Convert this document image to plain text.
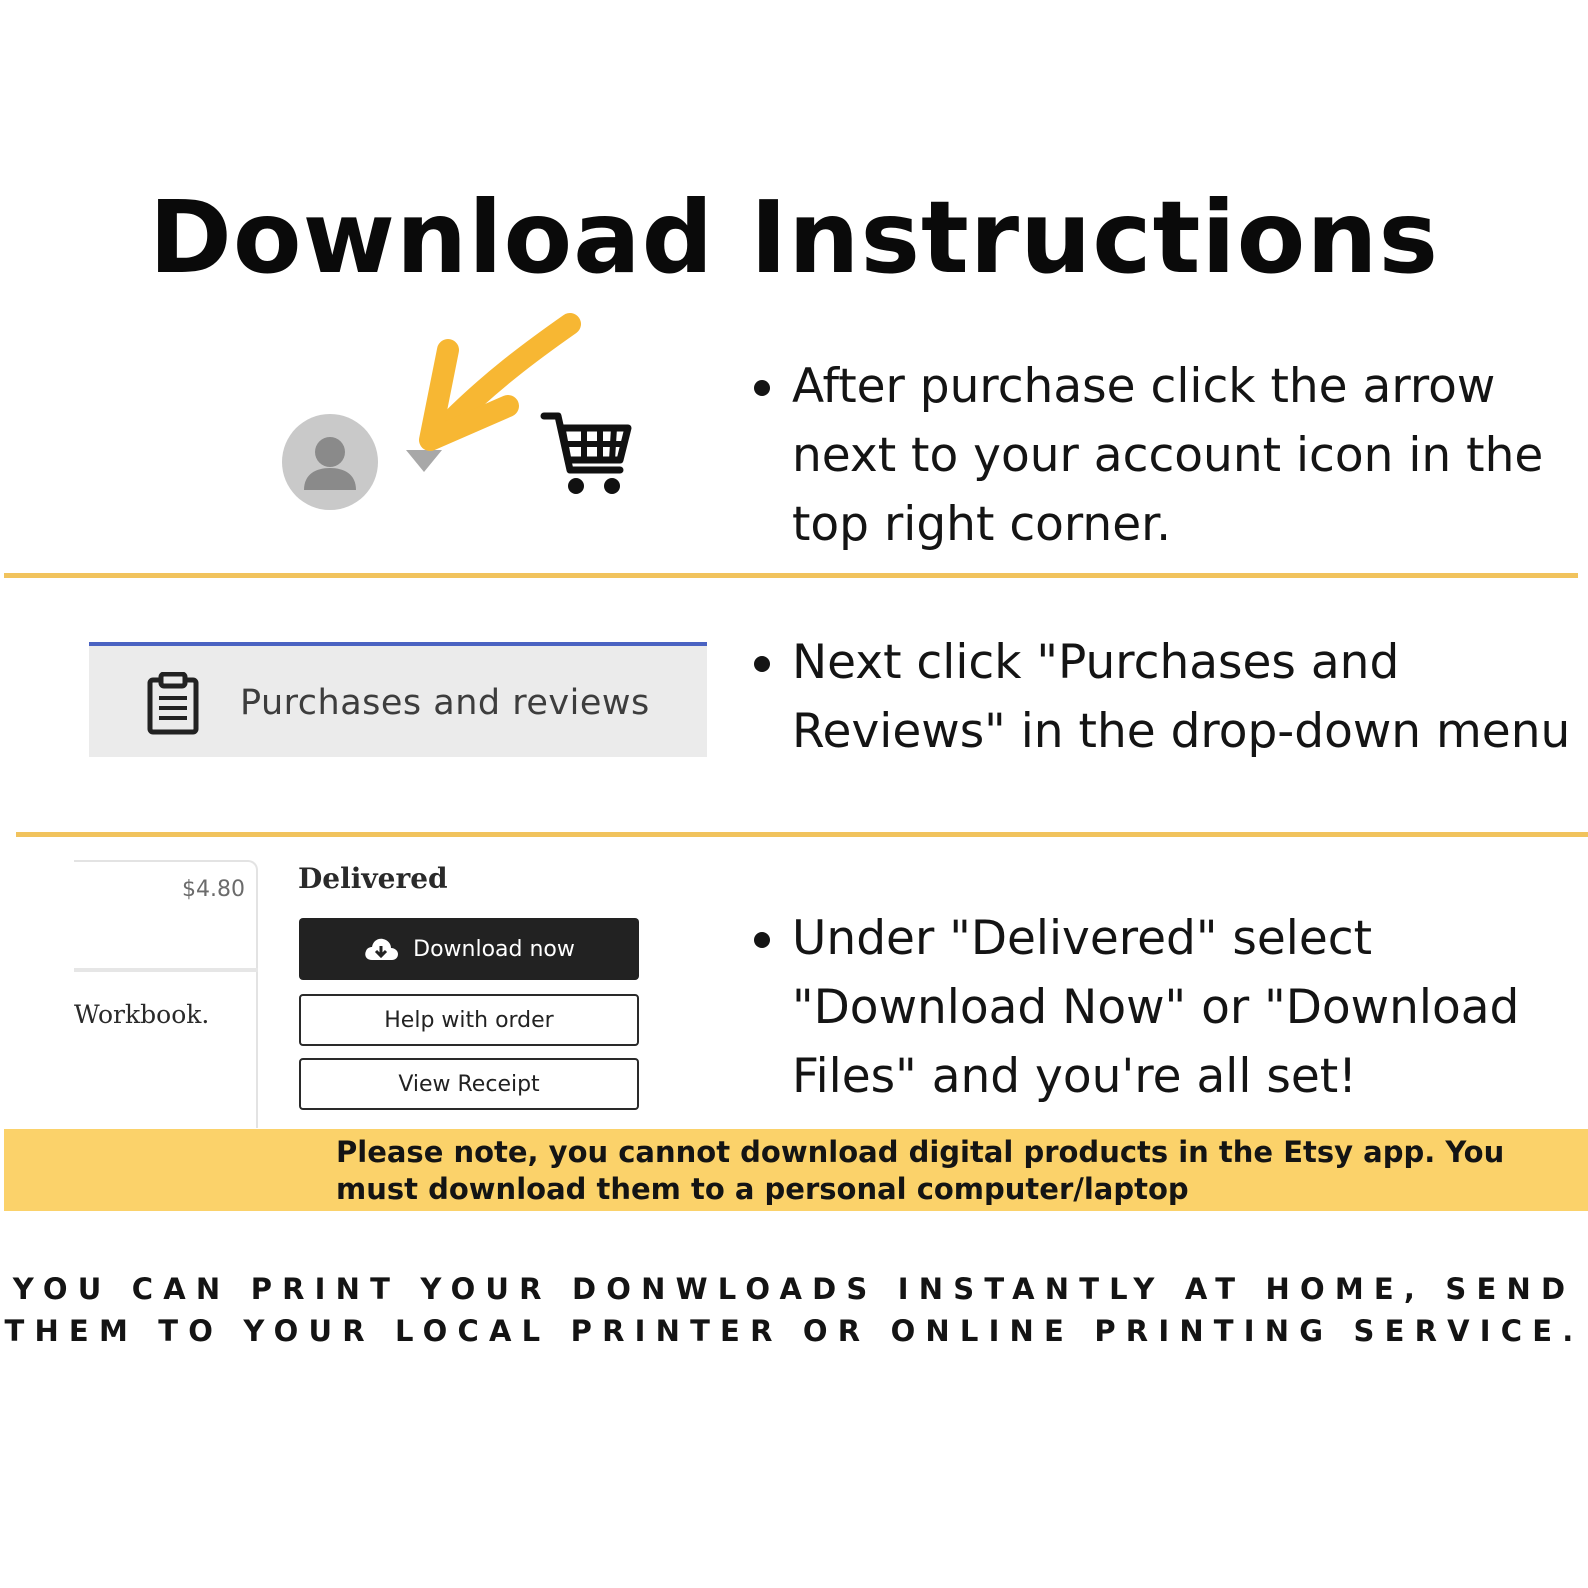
Download Instructions
After purchase click the arrow
next to your account icon in the
top right corner.
Purchases and reviews
Next click "Purchases and
Reviews" in the drop-down menu
$4.80
Workbook.
Delivered
Download now
Help with order
View Receipt
Under "Delivered" select
"Download Now" or "Download
Files" and you're all set!
Please note, you cannot download digital products in the Etsy app. You
must download them to a personal computer/laptop
YOU CAN PRINT YOUR DONWLOADS INSTANTLY AT HOME, SEND
THEM TO YOUR LOCAL PRINTER OR ONLINE PRINTING SERVICE.
